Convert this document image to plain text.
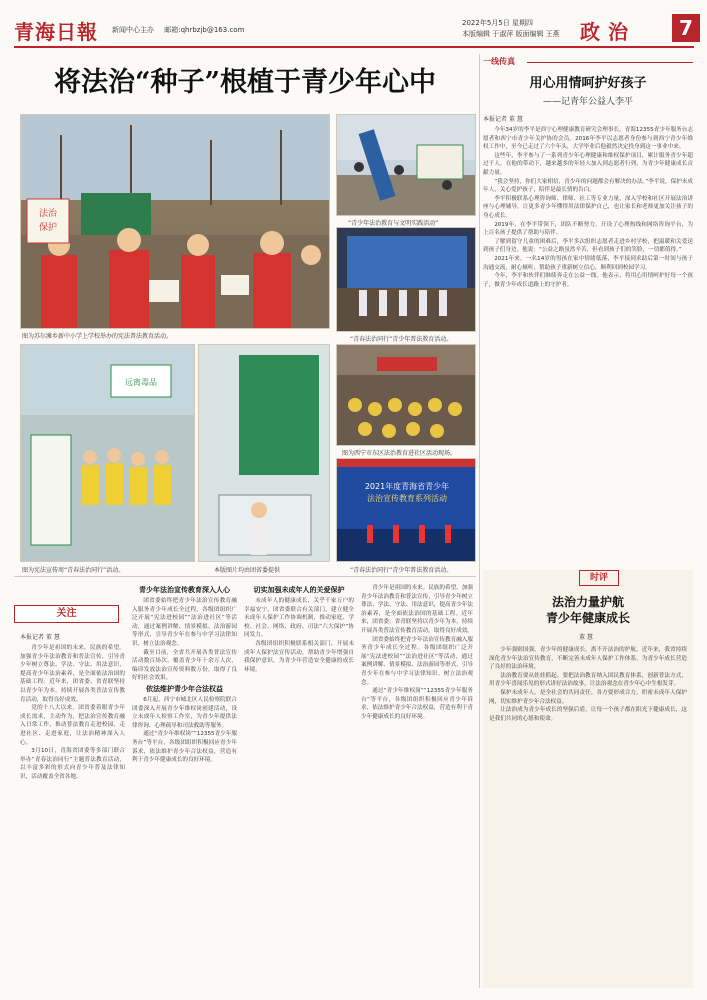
青海日報 新闻中心主办 邮箱:qhrbzjb@163.com
2022年5月5日 星期四
本版编辑 于淑萍 版面编辑 王燕 政治	7
将法治“种子”根植于青少年心中
法治
保护
图为苏尔滩乡新中小学上学校举办的宪法普法教育活动。
“青少年法治教育与文明实践活动”
“青春法治同行”青少年普法教育活动。
图为西宁市东区法治教育进社区活动现场。
远离毒品
图为宪法宣传周“青春法治同行”活动。	本版图片均由团省委提供
2021年度青海省青少年
法治宣传教育系列活动
“青春法治同行”青少年普法教育活动。
一线传真
用心用情呵护好孩子
——记青年公益人李平
本报记者 董 慧

今年34岁的李平是西宁心理健康教育研究会理事长，青海12355青少年服务台志愿者和西宁市青少年关护协的会员。2016年李平以志愿者身份参与到西宁青少年维权工作中，至今已走过了六个年头，大学毕业后他毅然决定投身到这一事业中来。

这些年，李平参与了一系列青少年心理健康和维权保护项目，累计服务青少年超过千人。在他的带动下，越来越多的年轻人加入到志愿者行列，为青少年健康成长贡献力量。

“我会坚持，你们大家相信，青少年的问题都会有解决的办法。”李平说，保护未成年人，关心爱护孩子，陪伴是最长情的告白。

李平积极联系心理咨询师、律师、社工等专业力量，深入学校和社区开展法治讲座与心理辅导，让更多青少年懂得用法律保护自己，也让家长和老师更加关注孩子的身心成长。

2019年，在李平带领下，团队不断努力，开设了心理热线和网络咨询平台，为上百名孩子提供了帮助与陪伴。

了解到留守儿童的困难后，李平多次组织志愿者走进乡村学校，把温暖和关爱送到孩子们身边。他说：“公益之路虽然辛苦，但看到孩子们的笑脸，一切都值得。”

2021年来，一名14岁的男孩在家中情绪低落，李平接到求助后第一时间与孩子沟通交流，耐心倾听，帮助孩子重新树立信心，顺利回到校园学习。

今年，李平和伙伴们继续奔走在公益一线。他表示，将用心用情呵护好每一个孩子，做青少年成长道路上的守护者。

关注
本报记者 董 慧

青少年是祖国的未来。民族的希望。加强青少年法治教育和普法宣传，引导青少年树立尊法、学法、守法、用法意识，提高青少年法治素养，是全面依法治国的基础工程。近年来，团省委、省青联坚持以青少年为本，持续开展各类普法宣传教育活动，取得良好成效。

党的十八大以来，团省委着眼青少年成长需求，主动作为，把法治宣传教育融入日常工作，推动普法教育走进校园、走进社区、走进家庭，让法治精神深入人心。

3月10日，青海省团委等多部门联合举办“青春法治同行”主题普法教育活动，以丰富多彩的形式向青少年普及法律知识，活动覆盖全省各地。

青少年法治宣传教育深入人心

团省委始终把青少年法治宣传教育融入服务青少年成长全过程。各级团组织广泛开展“宪法进校园”“法治进社区”等活动，通过案例讲解、情景模拟、法治游园等形式，引导青少年在参与中学习法律知识、树立法治观念。

截至目前，全省共开展各类普法宣传活动数百场次，覆盖青少年十余万人次，编印发放法治宣传资料数万份，取得了良好的社会效果。

依法维护青少年合法权益

6月起，西宁市城北区人民检察院联合团委深入开展青少年维权岗创建活动，设立未成年人检察工作室，为青少年提供法律咨询、心理疏导和司法救助等服务。

通过“青少年维权岗”“12355青少年服务台”等平台，各级团组织积极回应青少年诉求，依法维护青少年合法权益，营造有利于青少年健康成长的良好环境。

切实加强未成年人的关爱保护

未成年人的健康成长，关乎千家万户的幸福安宁。团省委联合有关部门，建立健全未成年人保护工作协调机制，推动家庭、学校、社会、网络、政府、司法“六大保护”协同发力。

各级团组织积极联系相关部门，开展未成年人保护法宣传活动，帮助青少年增强自我保护意识，为青少年营造安全健康的成长环境。

青少年是祖国的未来。民族的希望。加强青少年法治教育和普法宣传，引导青少年树立尊法、学法、守法、用法意识，提高青少年法治素养，是全面依法治国的基础工程。近年来，团省委、省青联坚持以青少年为本，持续开展各类普法宣传教育活动，取得良好成效。

团省委始终把青少年法治宣传教育融入服务青少年成长全过程。各级团组织广泛开展“宪法进校园”“法治进社区”等活动，通过案例讲解、情景模拟、法治游园等形式，引导青少年在参与中学习法律知识、树立法治观念。

通过“青少年维权岗”“12355青少年服务台”等平台，各级团组织积极回应青少年诉求，依法维护青少年合法权益，营造有利于青少年健康成长的良好环境。

时评
法治力量护航
青少年健康成长
董 慧

少年强则国强。青少年的健康成长，离不开法治的护航。近年来，我省持续深化青少年法治宣传教育，不断完善未成年人保护工作体系，为青少年成长营造了良好的法治环境。

法治教育要从娃娃抓起。要把法治教育纳入国民教育体系，创新普法方式，用青少年喜闻乐见的形式讲好法治故事，让法治观念在青少年心中生根发芽。

保护未成年人，是全社会的共同责任。各方要形成合力，织密未成年人保护网，切实维护青少年合法权益。

让法治成为青少年成长的坚强后盾，让每一个孩子都在阳光下健康成长，这是我们共同的心愿和使命。
